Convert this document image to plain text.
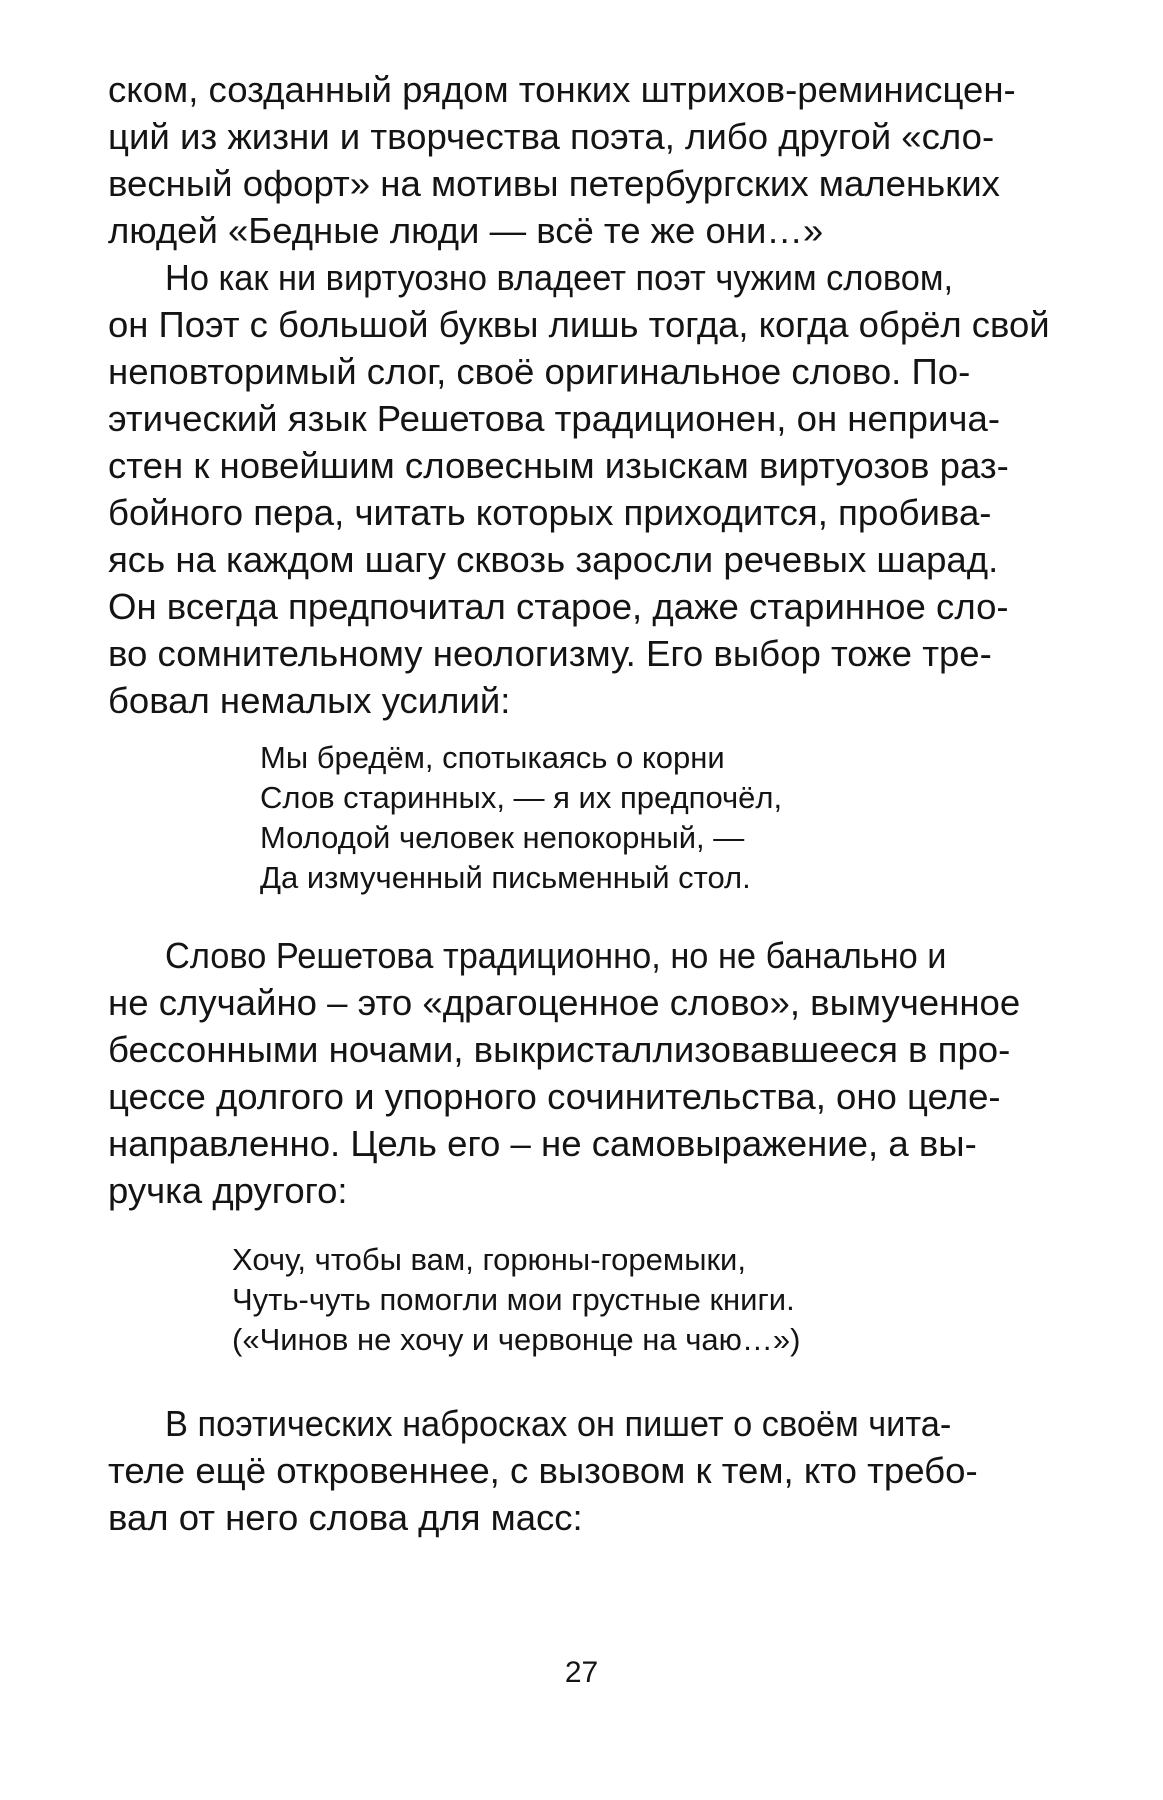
ском, созданный рядом тонких штрихов-реминисцен-

ций из жизни и творчества поэта, либо другой «сло-

весный офорт» на мотивы петербургских маленьких

людей «Бедные люди — всё те же они…»

Но как ни виртуозно владеет поэт чужим словом,

он Поэт с большой буквы лишь тогда, когда обрёл свой

неповторимый слог, своё оригинальное слово. По-

этический язык Решетова традиционен, он неприча-

стен к новейшим словесным изыскам виртуозов раз-

бойного пера, читать которых приходится, пробива-

ясь на каждом шагу сквозь заросли речевых шарад.

Он всегда предпочитал старое, даже старинное сло-

во сомнительному неологизму. Его выбор тоже тре-

бовал немалых усилий:

Мы бредём, спотыкаясь о корни

Слов старинных, — я их предпочёл,

Молодой человек непокорный, —

Да измученный письменный стол.

Слово Решетова традиционно, но не банально и

не случайно – это «драгоценное слово», вымученное

бессонными ночами, выкристаллизовавшееся в про-

цессе долгого и упорного сочинительства, оно целе-

направленно. Цель его – не самовыражение, а вы-

ручка другого:

Хочу, чтобы вам, горюны-горемыки,

Чуть-чуть помогли мои грустные книги.

(«Чинов не хочу и червонце на чаю…»)

В поэтических набросках он пишет о своём чита-

теле ещё откровеннее, с вызовом к тем, кто требо-

вал от него слова для масс:

27
